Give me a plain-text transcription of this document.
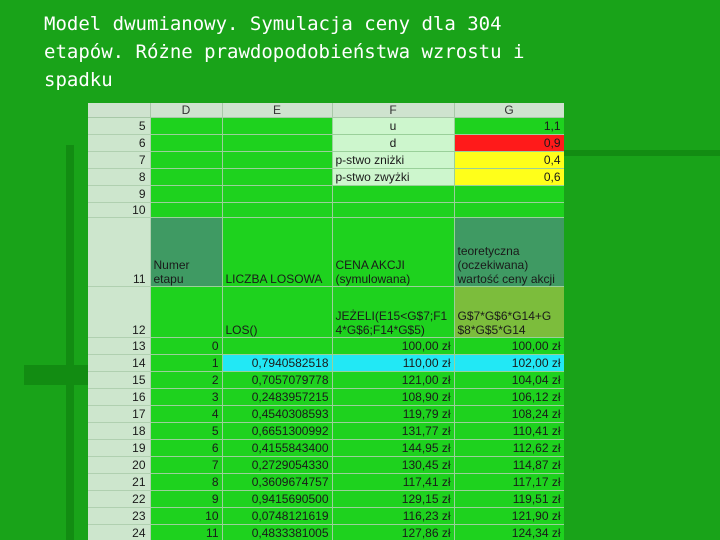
Model dwumianowy. Symulacja ceny dla 304
etapów. Różne prawdopodobieństwa wzrostu i
spadku
	D	E	F	G
5			u	1,1
6			d	0,9
7			p-stwo zniżki	0,4
8			p-stwo zwyżki	0,6
9				
10				
11	Numer etapu	LICZBA LOSOWA	CENA AKCJI (symulowana)	teoretyczna (oczekiwana) wartość ceny akcji
12		LOS()	JEŻELI(E15<G$7;F14*G$6;F14*G$5)	G$7*G$6*G14+G$8*G$5*G14
13	0		100,00 zł	100,00 zł
14	1	0,7940582518	110,00 zł	102,00 zł
15	2	0,7057079778	121,00 zł	104,04 zł
16	3	0,2483957215	108,90 zł	106,12 zł
17	4	0,4540308593	119,79 zł	108,24 zł
18	5	0,6651300992	131,77 zł	110,41 zł
19	6	0,4155843400	144,95 zł	112,62 zł
20	7	0,2729054330	130,45 zł	114,87 zł
21	8	0,3609674757	117,41 zł	117,17 zł
22	9	0,9415690500	129,15 zł	119,51 zł
23	10	0,0748121619	116,23 zł	121,90 zł
24	11	0,4833381005	127,86 zł	124,34 zł
